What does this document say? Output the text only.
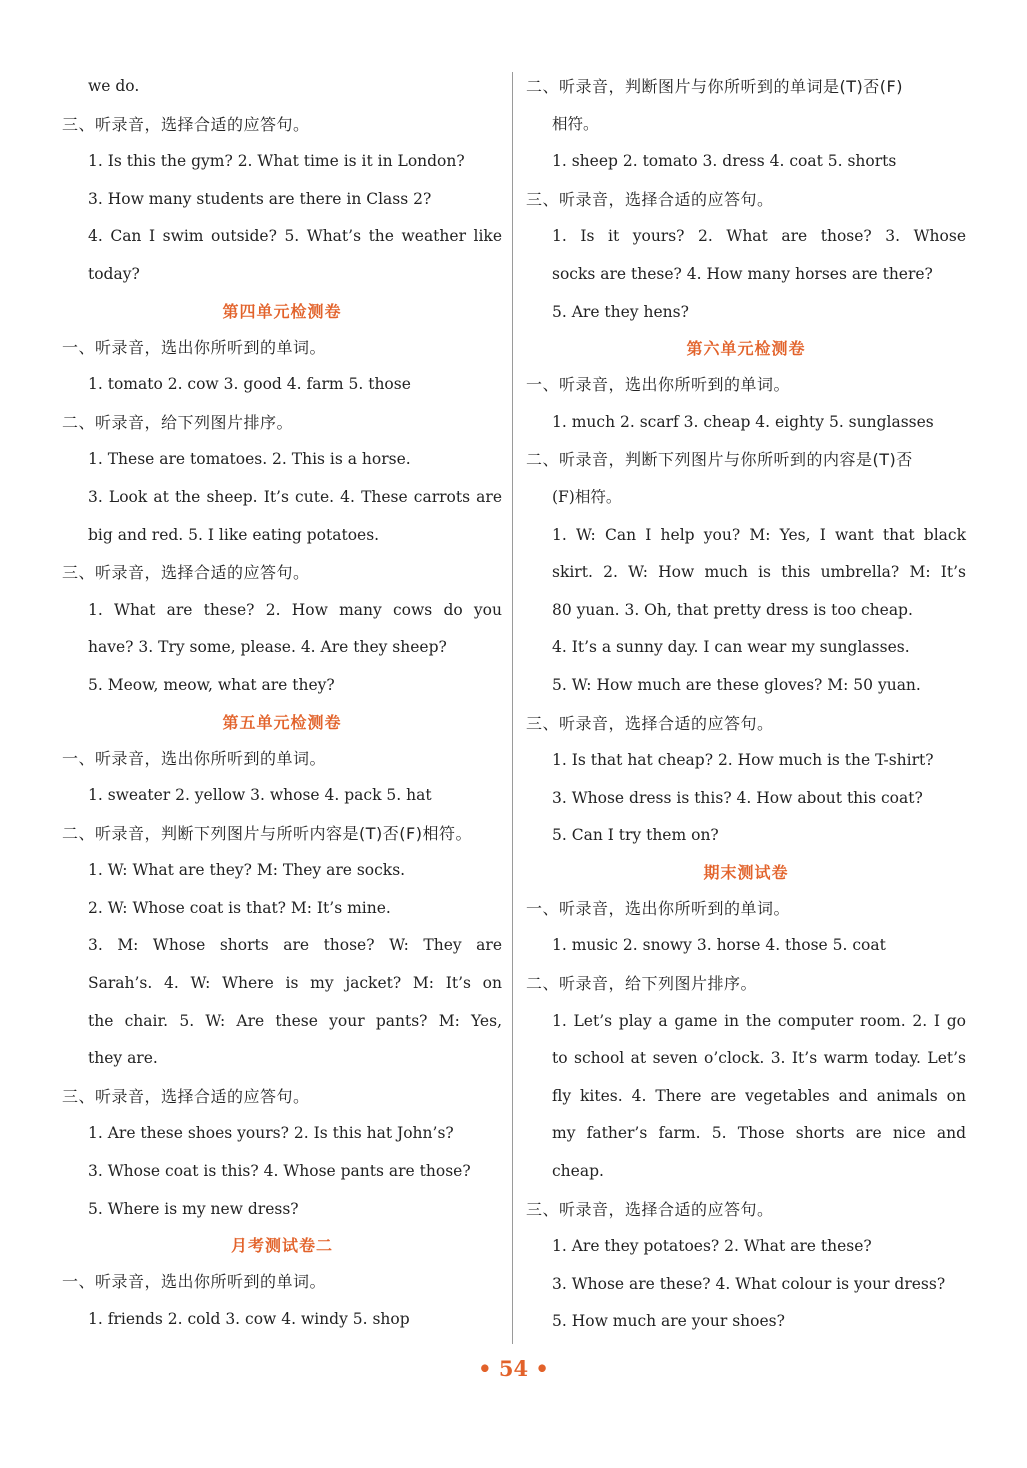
we do.
三、听录音，选择合适的应答句。
1. Is this the gym? 2. What time is it in London?
3. How many students are there in Class 2?
4. Can I swim outside? 5. What’s the weather like
today?
第四单元检测卷
一、听录音，选出你所听到的单词。
1. tomato 2. cow 3. good 4. farm 5. those
二、听录音，给下列图片排序。
1. These are tomatoes. 2. This is a horse.
3. Look at the sheep. It’s cute. 4. These carrots are
big and red. 5. I like eating potatoes.
三、听录音，选择合适的应答句。
1. What are these? 2. How many cows do you
have? 3. Try some, please. 4. Are they sheep?
5. Meow, meow, what are they?
第五单元检测卷
一、听录音，选出你所听到的单词。
1. sweater 2. yellow 3. whose 4. pack 5. hat
二、听录音，判断下列图片与所听内容是(T)否(F)相符。
1. W: What are they? M: They are socks.
2. W: Whose coat is that? M: It’s mine.
3. M: Whose shorts are those? W: They are
Sarah’s. 4. W: Where is my jacket? M: It’s on
the chair. 5. W: Are these your pants? M: Yes,
they are.
三、听录音，选择合适的应答句。
1. Are these shoes yours? 2. Is this hat John’s?
3. Whose coat is this? 4. Whose pants are those?
5. Where is my new dress?
月考测试卷二
一、听录音，选出你所听到的单词。
1. friends 2. cold 3. cow 4. windy 5. shop
二、听录音，判断图片与你所听到的单词是(T)否(F)
相符。
1. sheep 2. tomato 3. dress 4. coat 5. shorts
三、听录音，选择合适的应答句。
1. Is it yours? 2. What are those? 3. Whose
socks are these? 4. How many horses are there?
5. Are they hens?
第六单元检测卷
一、听录音，选出你所听到的单词。
1. much 2. scarf 3. cheap 4. eighty 5. sunglasses
二、听录音，判断下列图片与你所听到的内容是(T)否
(F)相符。
1. W: Can I help you? M: Yes, I want that black
skirt. 2. W: How much is this umbrella? M: It’s
80 yuan. 3. Oh, that pretty dress is too cheap.
4. It’s a sunny day. I can wear my sunglasses.
5. W: How much are these gloves? M: 50 yuan.
三、听录音，选择合适的应答句。
1. Is that hat cheap? 2. How much is the T-shirt?
3. Whose dress is this? 4. How about this coat?
5. Can I try them on?
期末测试卷
一、听录音，选出你所听到的单词。
1. music 2. snowy 3. horse 4. those 5. coat
二、听录音，给下列图片排序。
1. Let’s play a game in the computer room. 2. I go
to school at seven o’clock. 3. It’s warm today. Let’s
fly kites. 4. There are vegetables and animals on
my father’s farm. 5. Those shorts are nice and
cheap.
三、听录音，选择合适的应答句。
1. Are they potatoes? 2. What are these?
3. Whose are these? 4. What colour is your dress?
5. How much are your shoes?
• 54 •
